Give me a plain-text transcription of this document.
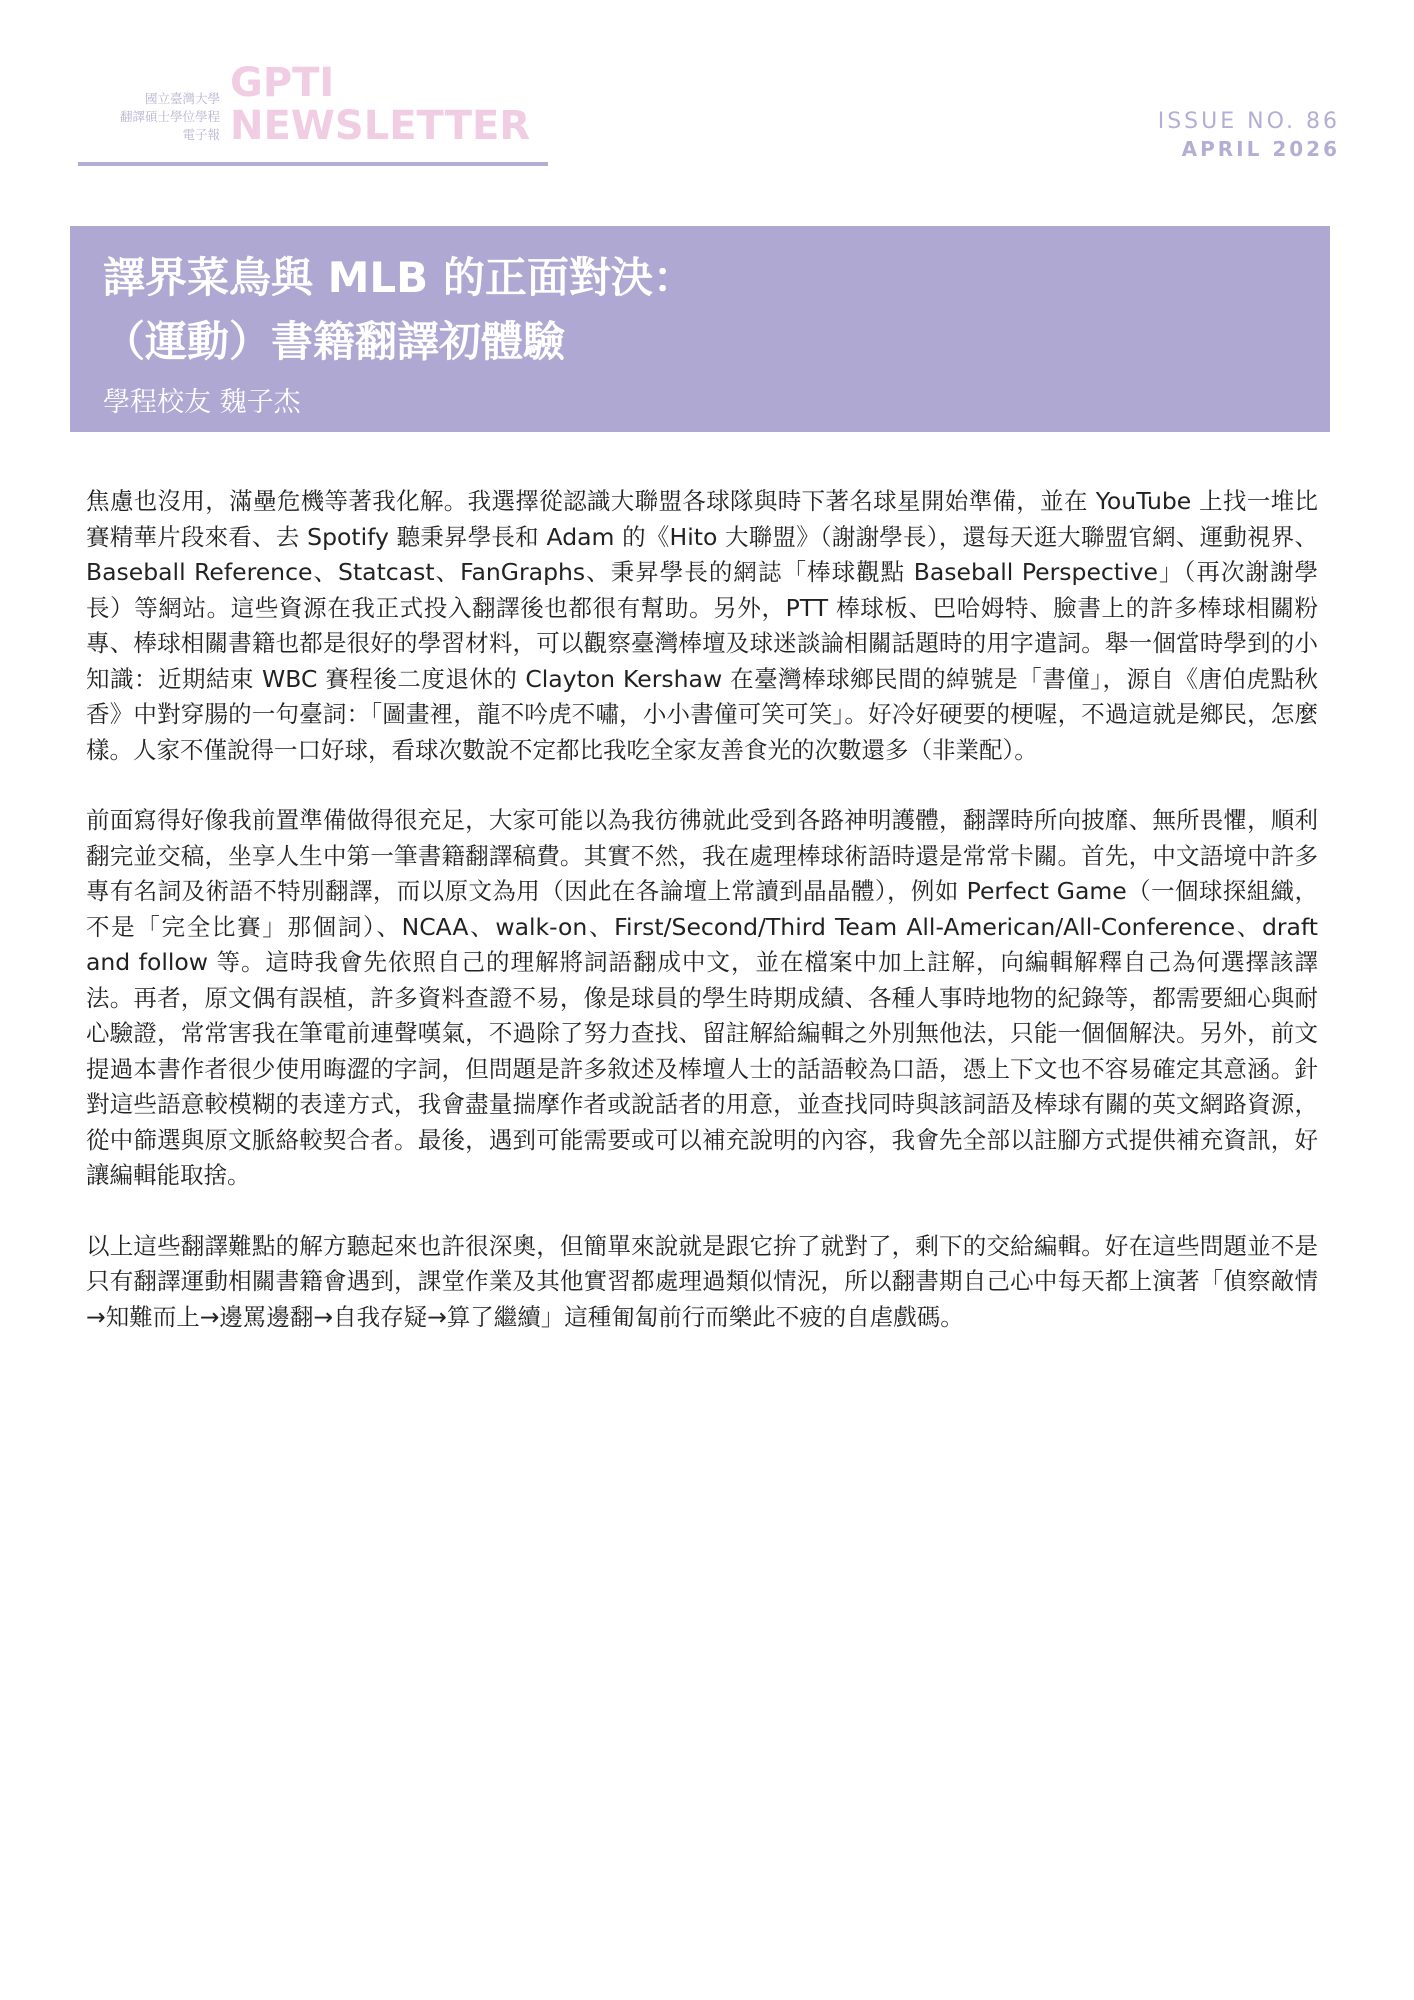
國立臺灣大學
翻譯碩士學位學程
電子報
GPTI
NEWSLETTER	ISSUE NO. 86
APRIL 2026
譯界菜鳥與 MLB 的正面對決：
（運動）書籍翻譯初體驗
學程校友 魏子杰

焦慮也沒用，滿壘危機等著我化解。我選擇從認識大聯盟各球隊與時下著名球星開始準備，並在 YouTube 上找一堆比賽精華片段來看、去 Spotify 聽秉昇學長和 Adam 的《Hito 大聯盟》（謝謝學長），還每天逛大聯盟官網、運動視界、Baseball Reference、Statcast、FanGraphs、秉昇學長的網誌「棒球觀點 Baseball Perspective」（再次謝謝學長）等網站。這些資源在我正式投入翻譯後也都很有幫助。另外，PTT 棒球板、巴哈姆特、臉書上的許多棒球相關粉專、棒球相關書籍也都是很好的學習材料，可以觀察臺灣棒壇及球迷談論相關話題時的用字遣詞。舉一個當時學到的小知識：近期結束 WBC 賽程後二度退休的 Clayton Kershaw 在臺灣棒球鄉民間的綽號是「書僮」，源自《唐伯虎點秋香》中對穿腸的一句臺詞：「圖畫裡，龍不吟虎不嘯，小小書僮可笑可笑」。好冷好硬要的梗喔，不過這就是鄉民，怎麼樣。人家不僅說得一口好球，看球次數說不定都比我吃全家友善食光的次數還多（非業配）。

前面寫得好像我前置準備做得很充足，大家可能以為我彷彿就此受到各路神明護體，翻譯時所向披靡、無所畏懼，順利翻完並交稿，坐享人生中第一筆書籍翻譯稿費。其實不然，我在處理棒球術語時還是常常卡關。首先，中文語境中許多專有名詞及術語不特別翻譯，而以原文為用（因此在各論壇上常讀到晶晶體），例如 Perfect Game（一個球探組織，不是「完全比賽」那個詞）、NCAA、walk-on、First/Second/Third Team All-American/All-Conference、draft and follow 等。這時我會先依照自己的理解將詞語翻成中文，並在檔案中加上註解，向編輯解釋自己為何選擇該譯法。再者，原文偶有誤植，許多資料查證不易，像是球員的學生時期成績、各種人事時地物的紀錄等，都需要細心與耐心驗證，常常害我在筆電前連聲嘆氣，不過除了努力查找、留註解給編輯之外別無他法，只能一個個解決。另外，前文提過本書作者很少使用晦澀的字詞，但問題是許多敘述及棒壇人士的話語較為口語，憑上下文也不容易確定其意涵。針對這些語意較模糊的表達方式，我會盡量揣摩作者或說話者的用意，並查找同時與該詞語及棒球有關的英文網路資源，從中篩選與原文脈絡較契合者。最後，遇到可能需要或可以補充說明的內容，我會先全部以註腳方式提供補充資訊，好讓編輯能取捨。

以上這些翻譯難點的解方聽起來也許很深奧，但簡單來說就是跟它拚了就對了，剩下的交給編輯。好在這些問題並不是只有翻譯運動相關書籍會遇到，課堂作業及其他實習都處理過類似情況，所以翻書期自己心中每天都上演著「偵察敵情→知難而上→邊罵邊翻→自我存疑→算了繼續」這種匍匐前行而樂此不疲的自虐戲碼。
